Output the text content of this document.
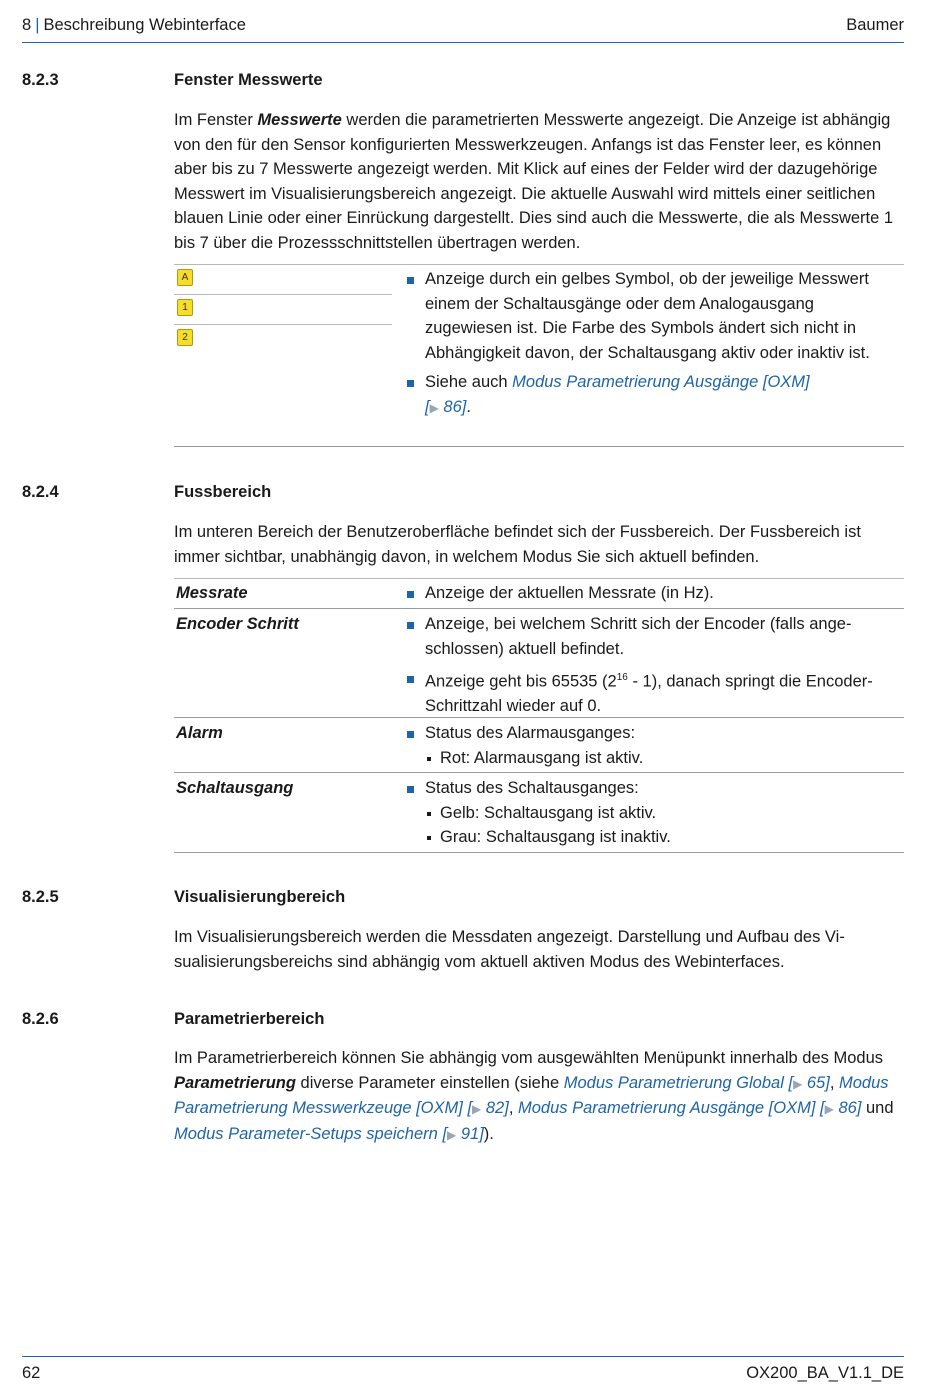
8 | Beschreibung Webinterface	Baumer
8.2.3	Fenster Messwerte
Im Fenster Messwerte werden die parametrierten Messwerte angezeigt. Die Anzeige ist abhängig von den für den Sensor konfigurierten Messwerkzeugen. Anfangs ist das Fenster leer, es können aber bis zu 7 Messwerte angezeigt werden. Mit Klick auf eines der Felder wird der dazugehörige Messwert im Visualisierungsbereich angezeigt. Die aktuelle Auswahl wird mittels einer seitlichen blauen Linie oder einer Einrückung dargestellt. Dies sind auch die Messwerte, die als Messwerte 1 bis 7 über die Prozessschnittstellen übertragen werden.
A
1
2
Anzeige durch ein gelbes Symbol, ob der jeweilige Messwert einem der Schaltausgänge oder dem Analogausgang zugewiesen ist. Die Farbe des Symbols ändert sich nicht in Abhängigkeit davon, der Schaltausgang aktiv oder inaktiv ist.
Siehe auch Modus Parametrierung Ausgänge [OXM]
[▶ 86].
8.2.4	Fussbereich
Im unteren Bereich der Benutzeroberfläche befindet sich der Fussbereich. Der Fussbereich ist immer sichtbar, unabhängig davon, in welchem Modus Sie sich aktuell befinden.
Messrate	Anzeige der aktuellen Messrate (in Hz).
Encoder Schritt	Anzeige, bei welchem Schritt sich der Encoder (falls angeschlossen) aktuell befindet.
Anzeige geht bis 65535 $(2^{16} - 1)$, danach springt die Encoder-Schrittzahl wieder auf 0.
Alarm	Status des Alarmausganges:
Rot: Alarmausgang ist aktiv.
Schaltausgang	Status des Schaltausganges:
Gelb: Schaltausgang ist aktiv.
Grau: Schaltausgang ist inaktiv.
8.2.5	Visualisierungbereich
Im Visualisierungsbereich werden die Messdaten angezeigt. Darstellung und Aufbau des Visualisierungsbereichs sind abhängig vom aktuell aktiven Modus des Webinterfaces.
8.2.6	Parametrierbereich
Im Parametrierbereich können Sie abhängig vom ausgewählten Menüpunkt innerhalb des Modus Parametrierung diverse Parameter einstellen (siehe Modus Parametrierung Global [▶ 65], Modus Parametrierung Messwerkzeuge [OXM] [▶ 82], Modus Parametrierung Ausgänge [OXM] [▶ 86] und Modus Parameter-Setups speichern [▶ 91]).
62	OX200_BA_V1.1_DE
